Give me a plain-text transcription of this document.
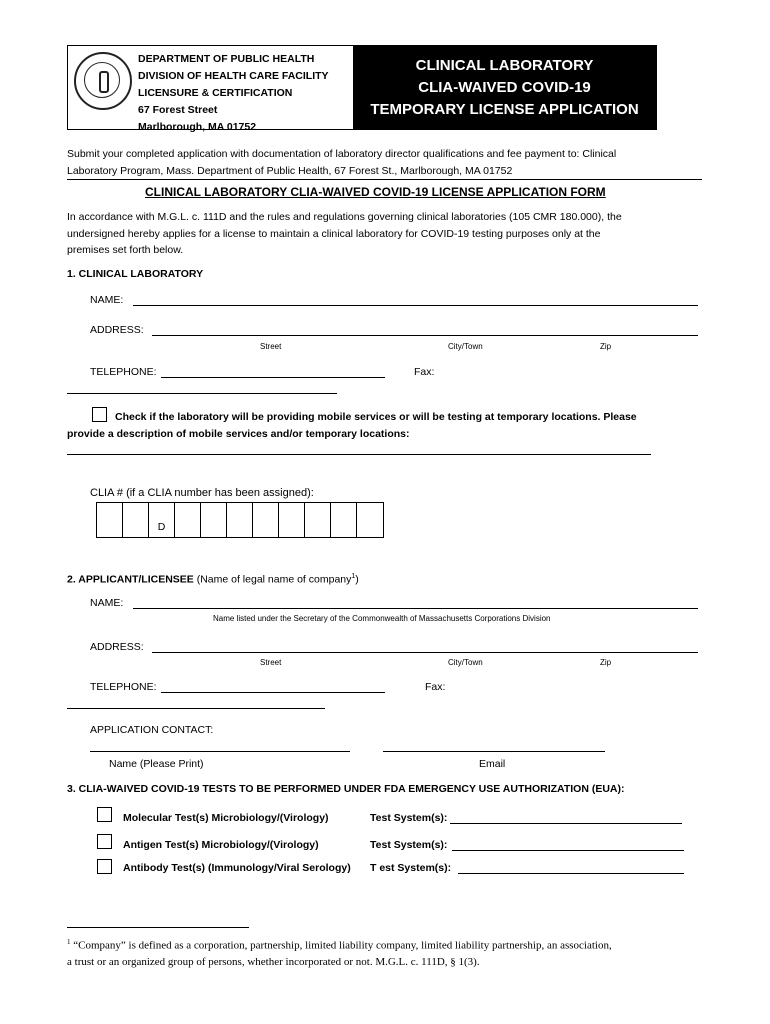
DEPARTMENT OF PUBLIC HEALTH
DIVISION OF HEALTH CARE FACILITY
LICENSURE & CERTIFICATION
67 Forest Street
Marlborough, MA 01752
CLINICAL LABORATORY
CLIA-WAIVED COVID-19
TEMPORARY LICENSE APPLICATION
Submit your completed application with documentation of laboratory director qualifications and fee payment to: Clinical
Laboratory Program, Mass. Department of Public Health, 67 Forest St., Marlborough, MA 01752
CLINICAL LABORATORY CLIA-WAIVED COVID-19 LICENSE APPLICATION FORM
In accordance with M.G.L. c. 111D and the rules and regulations governing clinical laboratories (105 CMR 180.000), the
undersigned hereby applies for a license to maintain a clinical laboratory for COVID-19 testing purposes only at the
premises set forth below.
1. CLINICAL LABORATORY
NAME:
ADDRESS:
Street	City/Town	Zip
TELEPHONE:	Fax:
Check if the laboratory will be providing mobile services or will be testing at temporary locations. Please
provide a description of mobile services and/or temporary locations:
CLIA # (if a CLIA number has been assigned):
D
2. APPLICANT/LICENSEE (Name of legal name of company$^1$)
NAME:
Name listed under the Secretary of the Commonwealth of Massachusetts Corporations Division
ADDRESS:
Street	City/Town	Zip
TELEPHONE:	Fax:
APPLICATION CONTACT:
Name (Please Print)	Email
3. CLIA-WAIVED COVID-19 TESTS TO BE PERFORMED UNDER FDA EMERGENCY USE AUTHORIZATION (EUA):
Molecular Test(s) Microbiology/(Virology)	Test System(s):
Antigen Test(s) Microbiology/(Virology)	Test System(s):
Antibody Test(s) (Immunology/Viral Serology) T est System(s):
$^1$ “Company” is defined as a corporation, partnership, limited liability company, limited liability partnership, an association,
a trust or an organized group of persons, whether incorporated or not. M.G.L. c. 111D, § 1(3).
